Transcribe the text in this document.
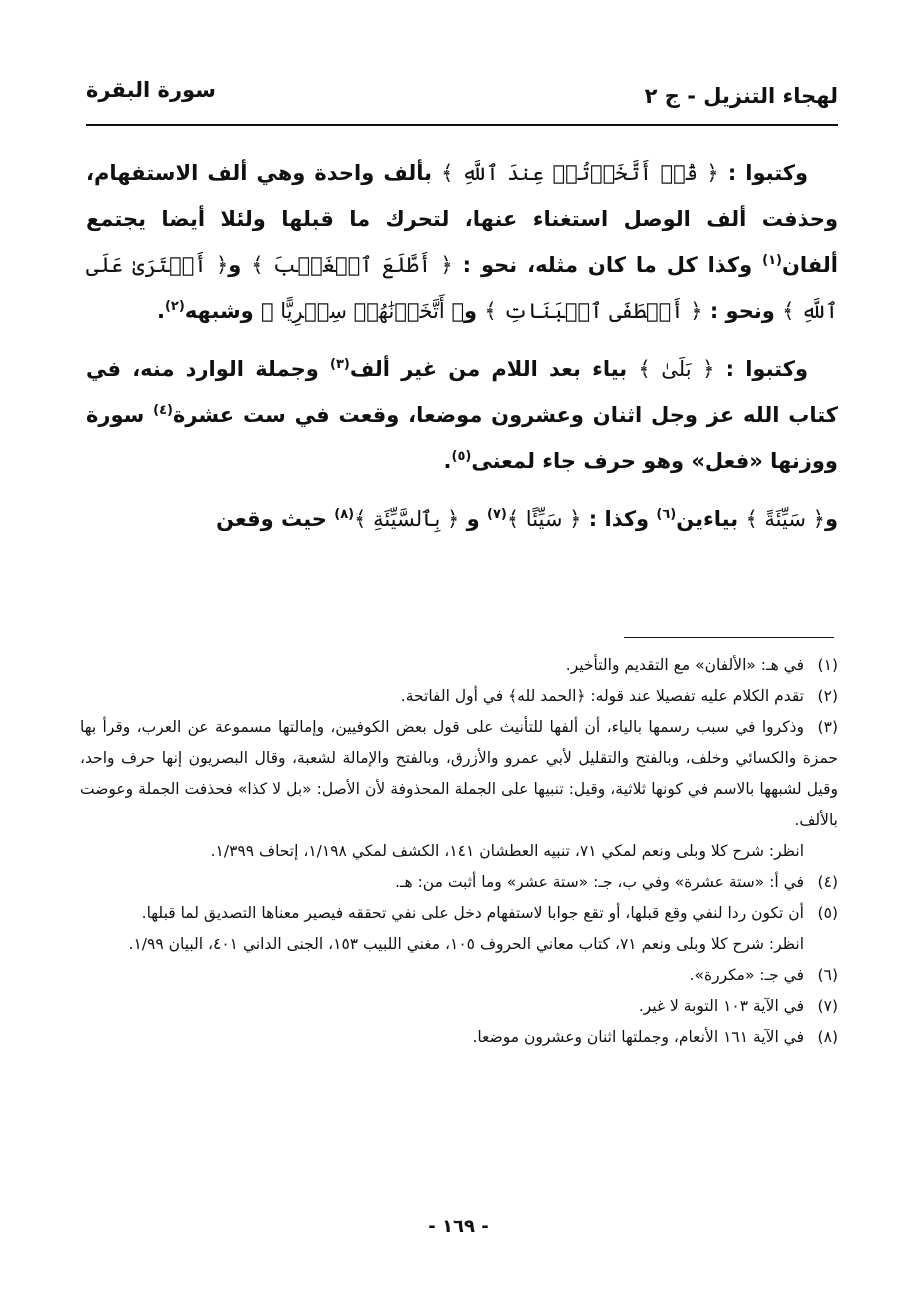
لهجاء التنزيل - ج ٢
سورة البقرة

وكتبوا : ﴿ قُلۡ أَتَّخَذۡتُمۡ عِندَ ٱللَّهِ ﴾ بألف واحدة وهي ألف الاستفهام، وحذفت ألف الوصل استغناء عنها، لتحرك ما قبلها ولئلا أيضا يجتمع ألفان$^{(١)}$ وكذا كل ما كان مثله، نحو : ﴿ أَطَّلَعَ ٱلۡغَيۡبَ ﴾ و﴿ أَفۡتَرَىٰ عَلَى ٱللَّهِ ﴾ ونحو : ﴿ أَصۡطَفَى ٱلۡبَنَاتِ ﴾ و﴿ أَتَّخَذۡنَٰهُمۡ سِخۡرِيًّا ﴾ وشبهه$^{(٢)}$.

وكتبوا : ﴿ بَلَىٰ ﴾ بياء بعد اللام من غير ألف$^{(٣)}$ وجملة الوارد منه، في كتاب الله عز وجل اثنان وعشرون موضعا، وقعت في ست عشرة$^{(٤)}$ سورة ووزنها «فعل» وهو حرف جاء لمعنى$^{(٥)}$.

و﴿ سَيِّئَةً ﴾ بياءين$^{(٦)}$ وكذا : ﴿ سَيِّئًا ﴾$^{(٧)}$ و ﴿ بِٱلسَّيِّئَةِ ﴾$^{(٨)}$ حيث وقعن

(١)في هـ: «الألفان» مع التقديم والتأخير.

(٢)تقدم الكلام عليه تفصيلا عند قوله: ﴿الحمد لله﴾ في أول الفاتحة.

(٣)وذكروا في سبب رسمها بالياء، أن ألفها للتأنيث على قول بعض الكوفيين، وإمالتها مسموعة عن العرب، وقرأ بها حمزة والكسائي وخلف، وبالفتح والتقليل لأبي عمرو والأزرق، وبالفتح والإمالة لشعبة، وقال البصريون إنها حرف واحد، وقيل لشبهها بالاسم في كونها ثلاثية، وقيل: تنبيها على الجملة المحذوفة لأن الأصل: «بل لا كذا» فحذفت الجملة وعوضت بالألف.

انظر: شرح كلا وبلى ونعم لمكي ٧١، تنبيه العطشان ١٤١، الكشف لمكي ١/١٩٨، إتحاف ١/٣٩٩.

(٤)في أ: «ستة عشرة» وفي ب، جـ: «ستة عشر» وما أثبت من: هـ.

(٥)أن تكون ردا لنفي وقع قبلها، أو تقع جوابا لاستفهام دخل على نفي تحققه فيصير معناها التصديق لما قبلها.

انظر: شرح كلا وبلى ونعم ٧١، كتاب معاني الحروف ١٠٥، مغني اللبيب ١٥٣، الجنى الداني ٤٠١، البيان ١/٩٩.

(٦)في جـ: «مكررة».

(٧)في الآية ١٠٣ التوبة لا غير.

(٨)في الآية ١٦١ الأنعام، وجملتها اثنان وعشرون موضعا.

- ١٦٩ -
